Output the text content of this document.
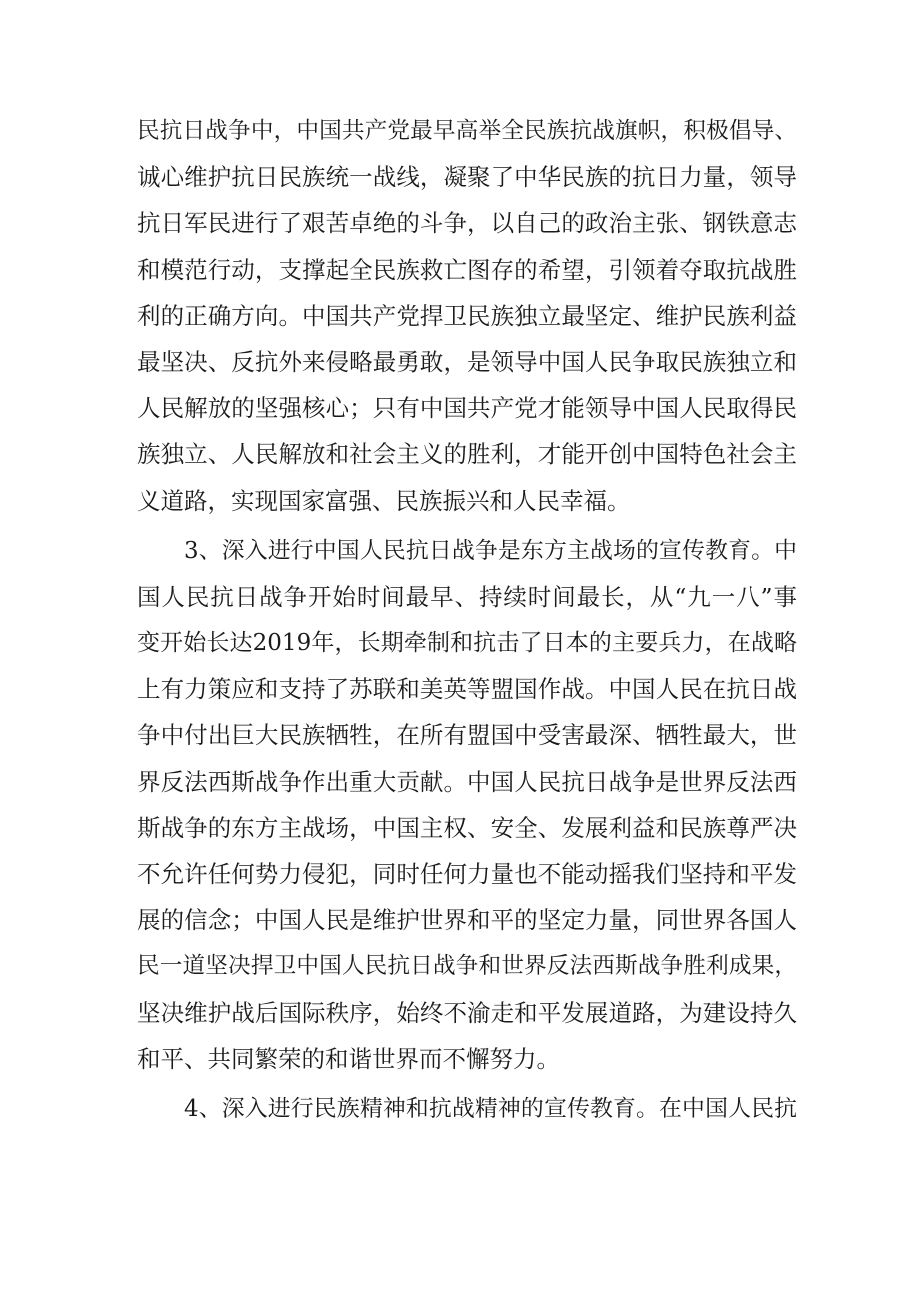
民抗日战争中，中国共产党最早高举全民族抗战旗帜，积极倡导、
诚心维护抗日民族统一战线，凝聚了中华民族的抗日力量，领导
抗日军民进行了艰苦卓绝的斗争，以自己的政治主张、钢铁意志
和模范行动，支撑起全民族救亡图存的希望，引领着夺取抗战胜
利的正确方向。中国共产党捍卫民族独立最坚定、维护民族利益
最坚决、反抗外来侵略最勇敢，是领导中国人民争取民族独立和
人民解放的坚强核心；只有中国共产党才能领导中国人民取得民
族独立、人民解放和社会主义的胜利，才能开创中国特色社会主
义道路，实现国家富强、民族振兴和人民幸福。
3、深入进行中国人民抗日战争是东方主战场的宣传教育。中
国人民抗日战争开始时间最早、持续时间最长，从“九一八”事
变开始长达2019年，长期牵制和抗击了日本的主要兵力，在战略
上有力策应和支持了苏联和美英等盟国作战。中国人民在抗日战
争中付出巨大民族牺牲，在所有盟国中受害最深、牺牲最大，世
界反法西斯战争作出重大贡献。中国人民抗日战争是世界反法西
斯战争的东方主战场，中国主权、安全、发展利益和民族尊严决
不允许任何势力侵犯，同时任何力量也不能动摇我们坚持和平发
展的信念；中国人民是维护世界和平的坚定力量，同世界各国人
民一道坚决捍卫中国人民抗日战争和世界反法西斯战争胜利成果，
坚决维护战后国际秩序，始终不渝走和平发展道路，为建设持久
和平、共同繁荣的和谐世界而不懈努力。
4、深入进行民族精神和抗战精神的宣传教育。在中国人民抗
